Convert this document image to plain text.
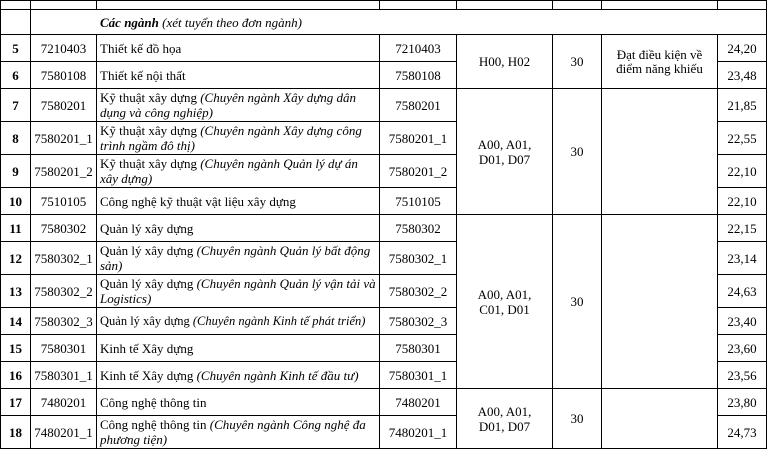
	Các ngành (xét tuyển theo đơn ngành)						
5	7210403	Thiết kế đồ họa	7210403	H00, H02	30	Đạt điều kiện về điểm năng khiếu	24,20
6	7580108	Thiết kế nội thất	7580108				23,48
7	7580201	Kỹ thuật xây dựng (Chuyên ngành Xây dựng dân dụng và công nghiệp)	7580201	A00, A01, D01, D07	30		21,85
8	7580201_1	Kỹ thuật xây dựng (Chuyên ngành Xây dựng công trình ngầm đô thị)	7580201_1				22,55
9	7580201_2	Kỹ thuật xây dựng (Chuyên ngành Quản lý dự án xây dựng)	7580201_2				22,10
10	7510105	Công nghệ kỹ thuật vật liệu xây dựng	7510105				22,10
11	7580302	Quản lý xây dựng	7580302	A00, A01, C01, D01	30		22,15
12	7580302_1	Quản lý xây dựng (Chuyên ngành Quản lý bất động sản)	7580302_1				23,14
13	7580302_2	Quản lý xây dựng (Chuyên ngành Quản lý vận tải và Logistics)	7580302_2				24,63
14	7580302_3	Quản lý xây dựng (Chuyên ngành Kinh tế phát triển)	7580302_3				23,40
15	7580301	Kinh tế Xây dựng	7580301				23,60
16	7580301_1	Kinh tế Xây dựng (Chuyên ngành Kinh tế đầu tư)	7580301_1				23,56
17	7480201	Công nghệ thông tin	7480201	A00, A01, D01, D07	30		23,80
18	7480201_1	Công nghệ thông tin (Chuyên ngành Công nghệ đa phương tiện)	7480201_1				24,73
